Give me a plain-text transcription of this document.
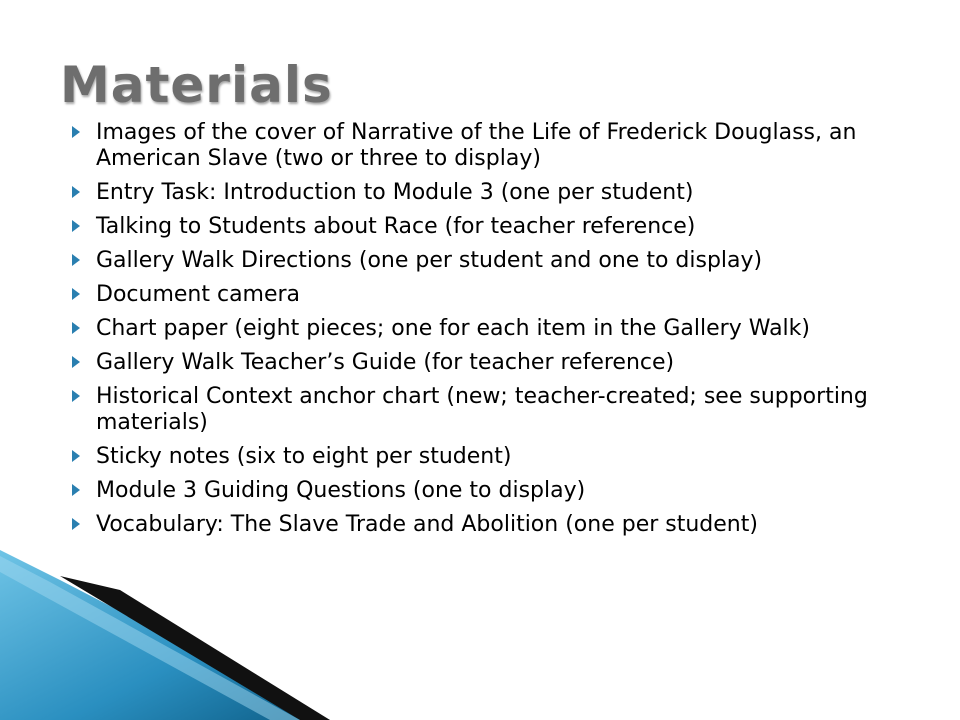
Materials
Images of the cover of Narrative of the Life of Frederick Douglass, an American Slave (two or three to display)
Entry Task: Introduction to Module 3 (one per student)
Talking to Students about Race (for teacher reference)
Gallery Walk Directions (one per student and one to display)
Document camera
Chart paper (eight pieces; one for each item in the Gallery Walk)
Gallery Walk Teacher’s Guide (for teacher reference)
Historical Context anchor chart (new; teacher-created; see supporting materials)
Sticky notes (six to eight per student)
Module 3 Guiding Questions (one to display)
Vocabulary: The Slave Trade and Abolition (one per student)
